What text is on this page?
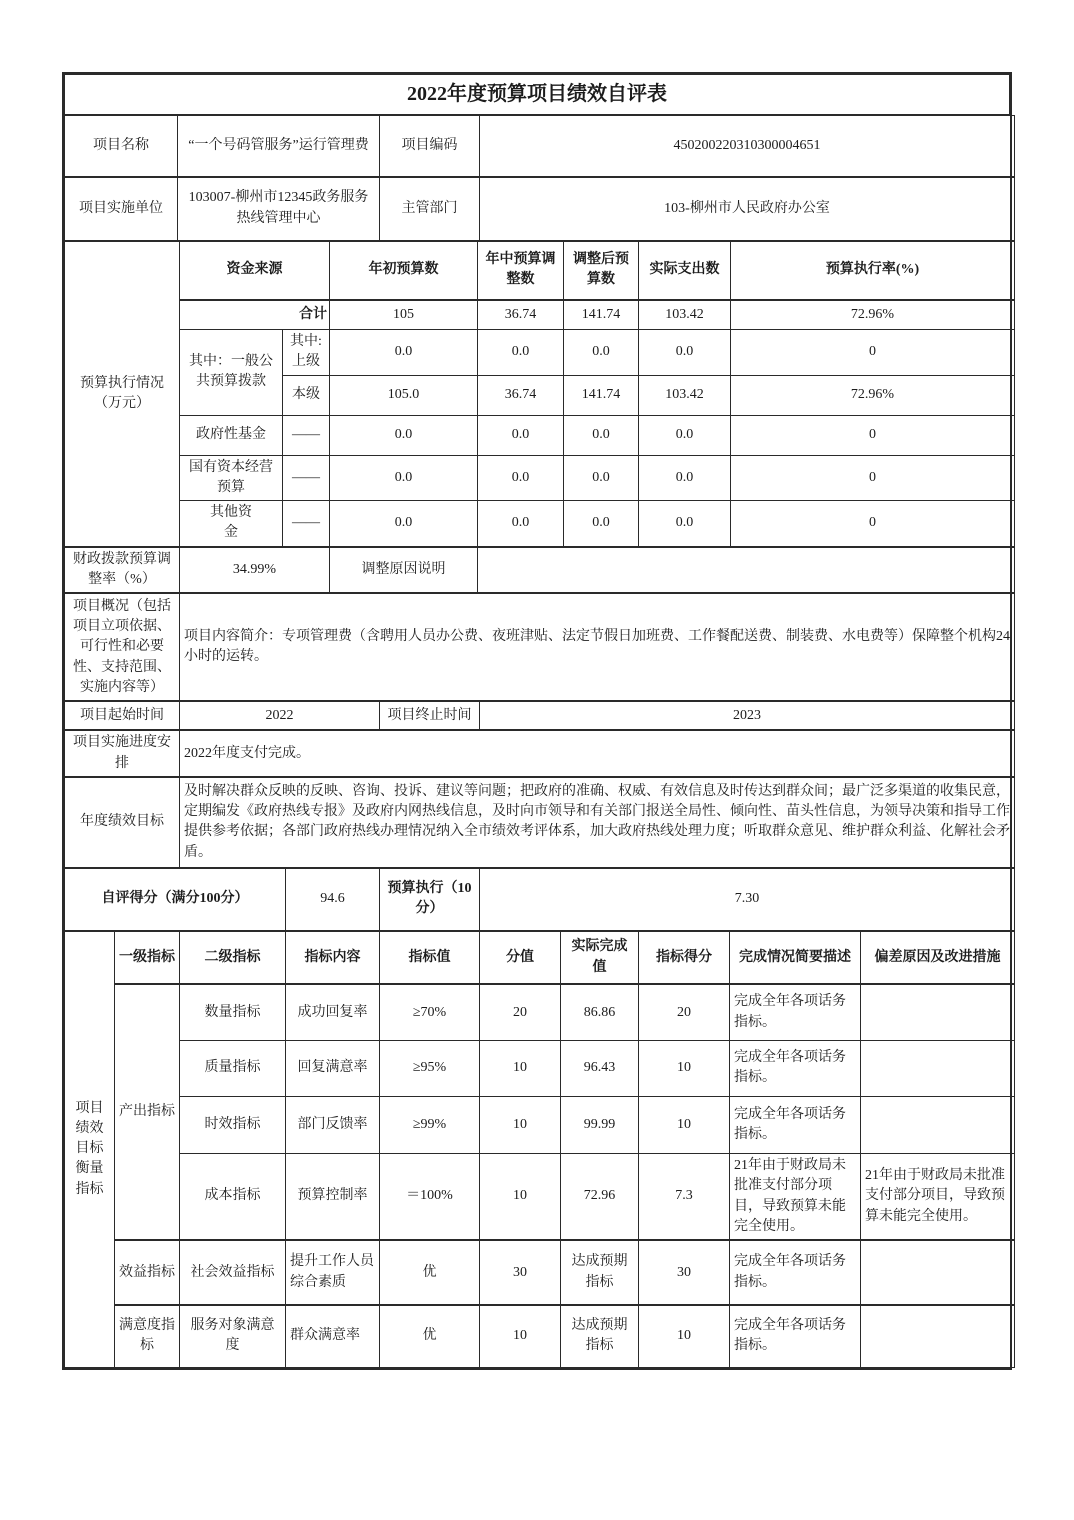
2022年度预算项目绩效自评表
项目名称	“一个号码管服务”运行管理费	项目编码	450200220310300004651
项目实施单位	103007-柳州市12345政务服务热线管理中心	主管部门	103-柳州市人民政府办公室
预算执行情况（万元）	资金来源		年初预算数	年中预算调整数	调整后预算数	实际支出数	预算执行率(%)
	合计		105	36.74	141.74	103.42	72.96%
	其中：一般公共预算拨款	其中:上级	0.0	0.0	0.0	0.0	0
		本级	105.0	36.74	141.74	103.42	72.96%
	政府性基金	——	0.0	0.0	0.0	0.0	0
	国有资本经营预算	——	0.0	0.0	0.0	0.0	0
	其他资金	——	0.0	0.0	0.0	0.0	0
财政拨款预算调整率（%）	34.99%	调整原因说明	
项目概况（包括项目立项依据、可行性和必要性、支持范围、实施内容等）	项目内容简介：专项管理费（含聘用人员办公费、夜班津贴、法定节假日加班费、工作餐配送费、制装费、水电费等）保障整个机构24小时的运转。
项目起始时间	2022	项目终止时间	2023
项目实施进度安排	2022年度支付完成。
年度绩效目标	及时解决群众反映的反映、咨询、投诉、建议等问题；把政府的准确、权威、有效信息及时传达到群众间；最广泛多渠道的收集民意，定期编发《政府热线专报》及政府内网热线信息，及时向市领导和有关部门报送全局性、倾向性、苗头性信息，为领导决策和指导工作提供参考依据；各部门政府热线办理情况纳入全市绩效考评体系，加大政府热线处理力度；听取群众意见、维护群众利益、化解社会矛盾。
自评得分（满分100分）	94.6	预算执行（10分）	7.30
项目绩效目标衡量指标	一级指标	二级指标	指标内容	指标值	分值	实际完成值	指标得分	完成情况简要描述	偏差原因及改进措施
	产出指标	数量指标	成功回复率	≥70%	20	86.86	20	完成全年各项话务指标。	
		质量指标	回复满意率	≥95%	10	96.43	10	完成全年各项话务指标。	
		时效指标	部门反馈率	≥99%	10	99.99	10	完成全年各项话务指标。	
		成本指标	预算控制率	＝100%	10	72.96	7.3	21年由于财政局未批准支付部分项目，导致预算未能完全使用。	21年由于财政局未批准支付部分项目，导致预算未能完全使用。
	效益指标	社会效益指标	提升工作人员综合素质	优	30	达成预期指标	30	完成全年各项话务指标。	
	满意度指标	服务对象满意度	群众满意率	优	10	达成预期指标	10	完成全年各项话务指标。	
